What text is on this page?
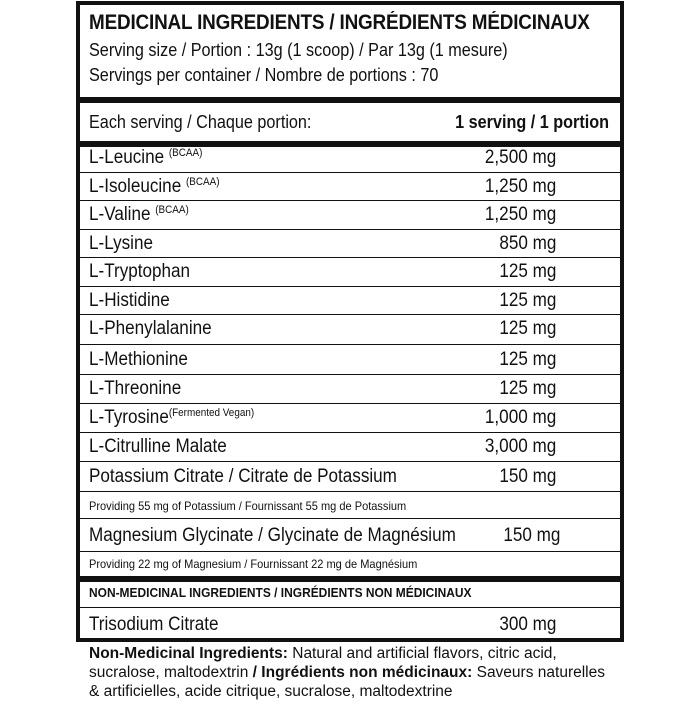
MEDICINAL INGREDIENTS / INGRÉDIENTS MÉDICINAUX
Serving size / Portion : 13g (1 scoop) / Par 13g (1 mesure)
Servings per container / Nombre de portions : 70
Each serving / Chaque portion:	1 serving / 1 portion
L-Leucine $^{(BCAA)}$	2,500 mg
L-Isoleucine $^{(BCAA)}$	1,250 mg
L-Valine $^{(BCAA)}$	1,250 mg
L-Lysine	850 mg
L-Tryptophan	125 mg
L-Histidine	125 mg
L-Phenylalanine	125 mg
L-Methionine	125 mg
L-Threonine	125 mg
L-Tyrosine$^{(Fermented Vegan)}$	1,000 mg
L-Citrulline Malate	3,000 mg
Potassium Citrate / Citrate de Potassium	150 mg
Providing 55 mg of Potassium / Fournissant 55 mg de Potassium
Magnesium Glycinate / Glycinate de Magnésium 150 mg
Providing 22 mg of Magnesium / Fournissant 22 mg de Magnésium
NON-MEDICINAL INGREDIENTS / INGRÉDIENTS NON MÉDICINAUX
Trisodium Citrate	300 mg
Non-Medicinal Ingredients: Natural and artificial flavors, citric acid, sucralose, maltodextrin / Ingrédients non médicinaux: Saveurs naturelles & artificielles, acide citrique, sucralose, maltodextrine
